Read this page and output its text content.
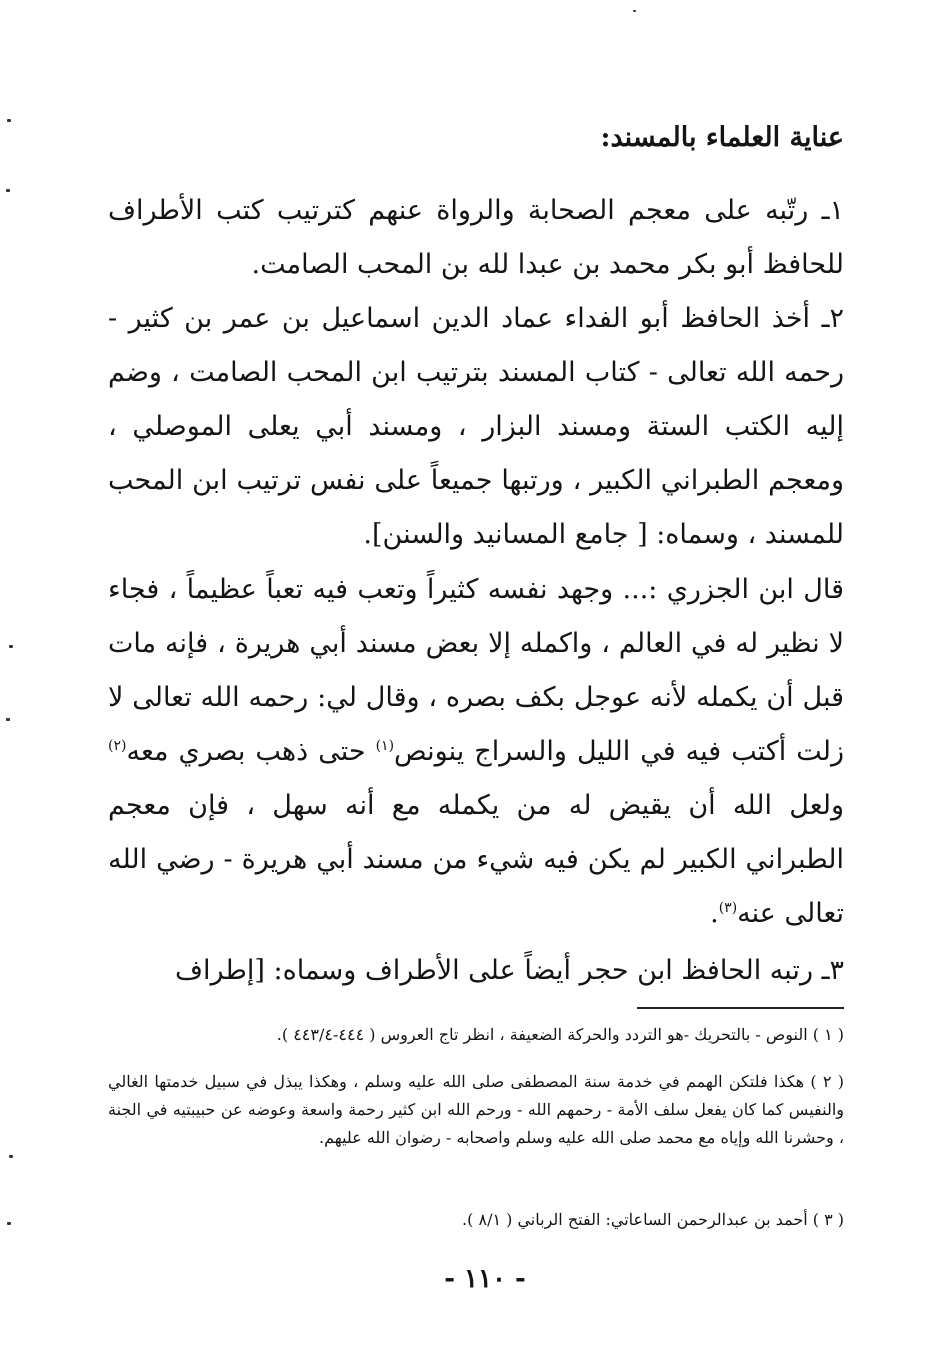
عناية العلماء بالمسند:
١ـ رتّبه على معجم الصحابة والرواة عنهم كترتيب كتب الأطراف للحافظ أبو بكر محمد بن عبدا لله بن المحب الصامت.
٢ـ أخذ الحافظ أبو الفداء عماد الدين اسماعيل بن عمر بن كثير - رحمه الله تعالى - كتاب المسند بترتيب ابن المحب الصامت ، وضم إليه الكتب الستة ومسند البزار ، ومسند أبي يعلى الموصلي ، ومعجم الطبراني الكبير ، ورتبها جميعاً على نفس ترتيب ابن المحب للمسند ، وسماه: [ جامع المسانيد والسنن].
قال ابن الجزري :... وجهد نفسه كثيراً وتعب فيه تعباً عظيماً ، فجاء لا نظير له في العالم ، واكمله إلا بعض مسند أبي هريرة ، فإنه مات قبل أن يكمله لأنه عوجل بكف بصره ، وقال لي: رحمه الله تعالى لا زلت أكتب فيه في الليل والسراج ينونص$^{(١)}$ حتى ذهب بصري معه$^{(٢)}$ ولعل الله أن يقيض له من يكمله مع أنه سهل ، فإن معجم الطبراني الكبير لم يكن فيه شيء من مسند أبي هريرة - رضي الله تعالى عنه$^{(٣)}$.
٣ـ رتبه الحافظ ابن حجر أيضاً على الأطراف وسماه: [إطراف
( ١ ) النوص - بالتحريك -هو التردد والحركة الضعيفة ، انظر تاج العروس ( ٤٤٤-٤٤٣/٤ ).
( ٢ ) هكذا فلتكن الهمم في خدمة سنة المصطفى صلى الله عليه وسلم ، وهكذا يبذل في سبيل خدمتها الغالي والنفيس كما كان يفعل سلف الأمة - رحمهم الله - ورحم الله ابن كثير رحمة واسعة وعوضه عن حبيبتيه في الجنة ، وحشرنا الله وإياه مع محمد صلى الله عليه وسلم واصحابه - رضوان الله عليهم.
( ٣ ) أحمد بن عبدالرحمن الساعاتي: الفتح الرباني ( ٨/١ ).
- ١١٠ -
